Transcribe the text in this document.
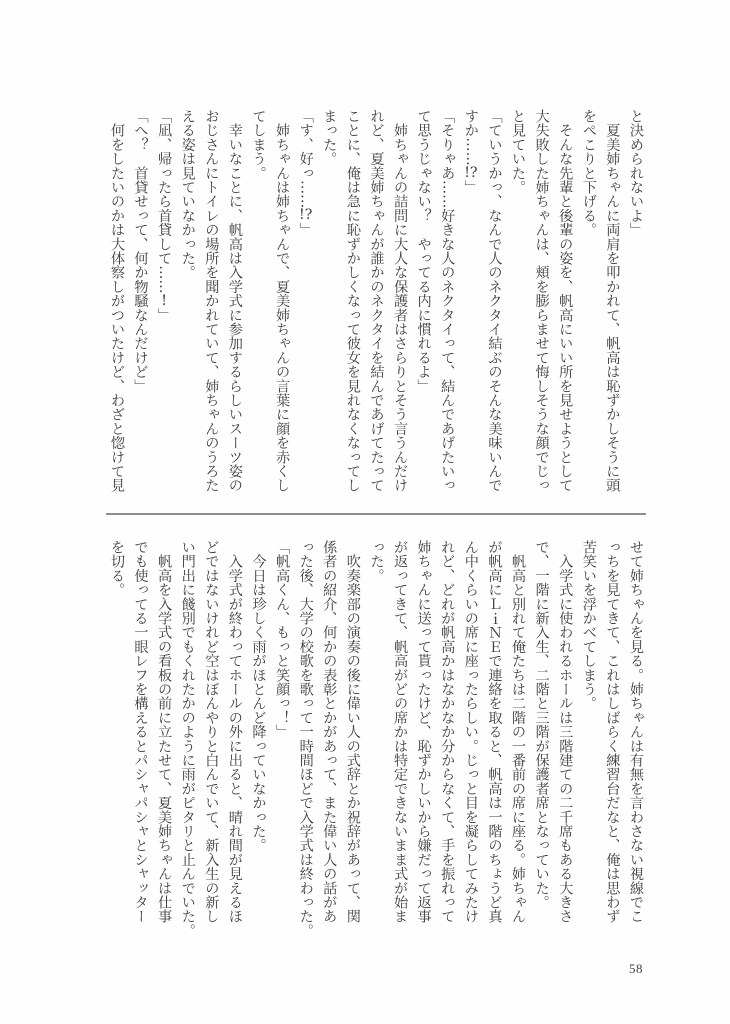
と決められないよ」
　夏美姉ちゃんに両肩を叩かれて、帆高は恥ずかしそうに頭
をぺこりと下げる。
　そんな先輩と後輩の姿を、帆高にいい所を見せようとして
大失敗した姉ちゃんは、頬を膨らませて悔しそうな顔でじっ
と見ていた。
「ていうかっ、なんで人のネクタイ結ぶのそんな美味いんで
すか……!?」
「そりゃあ……好きな人のネクタイって、結んであげたいっ
て思うじゃない？　やってる内に慣れるよ」
　姉ちゃんの詰問に大人な保護者はさらりとそう言うんだけ
れど、夏美姉ちゃんが誰かのネクタイを結んであげてたって
ことに、俺は急に恥ずかしくなって彼女を見れなくなってし
まった。
「す、好っ……!?」
　姉ちゃんは姉ちゃんで、夏美姉ちゃんの言葉に顔を赤くし
てしまう。
　幸いなことに、帆高は入学式に参加するらしいスーツ姿の
おじさんにトイレの場所を聞かれていて、姉ちゃんのうろた
える姿は見ていなかった。
「凪、帰ったら首貸して……!」
「へ？　首貸せって、何か物騒なんだけど」
　何をしたいのかは大体察しがついたけど、わざと惚けて見
せて姉ちゃんを見る。姉ちゃんは有無を言わさない視線でこ
っちを見てきて、これはしばらく練習台だなと、俺は思わず
苦笑いを浮かべてしまう。
　入学式に使われるホールは三階建ての二千席もある大きさ
で、一階に新入生、二階と三階が保護者席となっていた。
　帆高と別れて俺たちは二階の一番前の席に座る。姉ちゃん
が帆高にＬｉＮＥで連絡を取ると、帆高は一階のちょうど真
ん中くらいの席に座ったらしい。じっと目を凝らしてみたけ
れど、どれが帆高かはなかなか分からなくて、手を振れって
姉ちゃんに送って貰ったけど、恥ずかしいから嫌だって返事
が返ってきて、帆高がどの席かは特定できないまま式が始ま
った。
　吹奏楽部の演奏の後に偉い人の式辞とか祝辞があって、関
係者の紹介、何かの表彰とかがあって、また偉い人の話があ
った後、大学の校歌を歌って一時間ほどで入学式は終わった。
「帆高くん、もっと笑顔っ！」
　今日は珍しく雨がほとんど降っていなかった。
　入学式が終わってホールの外に出ると、晴れ間が見えるほ
どではないけれど空はぼんやりと白んでいて、新入生の新し
い門出に餞別でもくれたかのように雨がピタリと止んでいた。
　帆高を入学式の看板の前に立たせて、夏美姉ちゃんは仕事
でも使ってる一眼レフを構えるとパシャパシャとシャッター
を切る。
58
